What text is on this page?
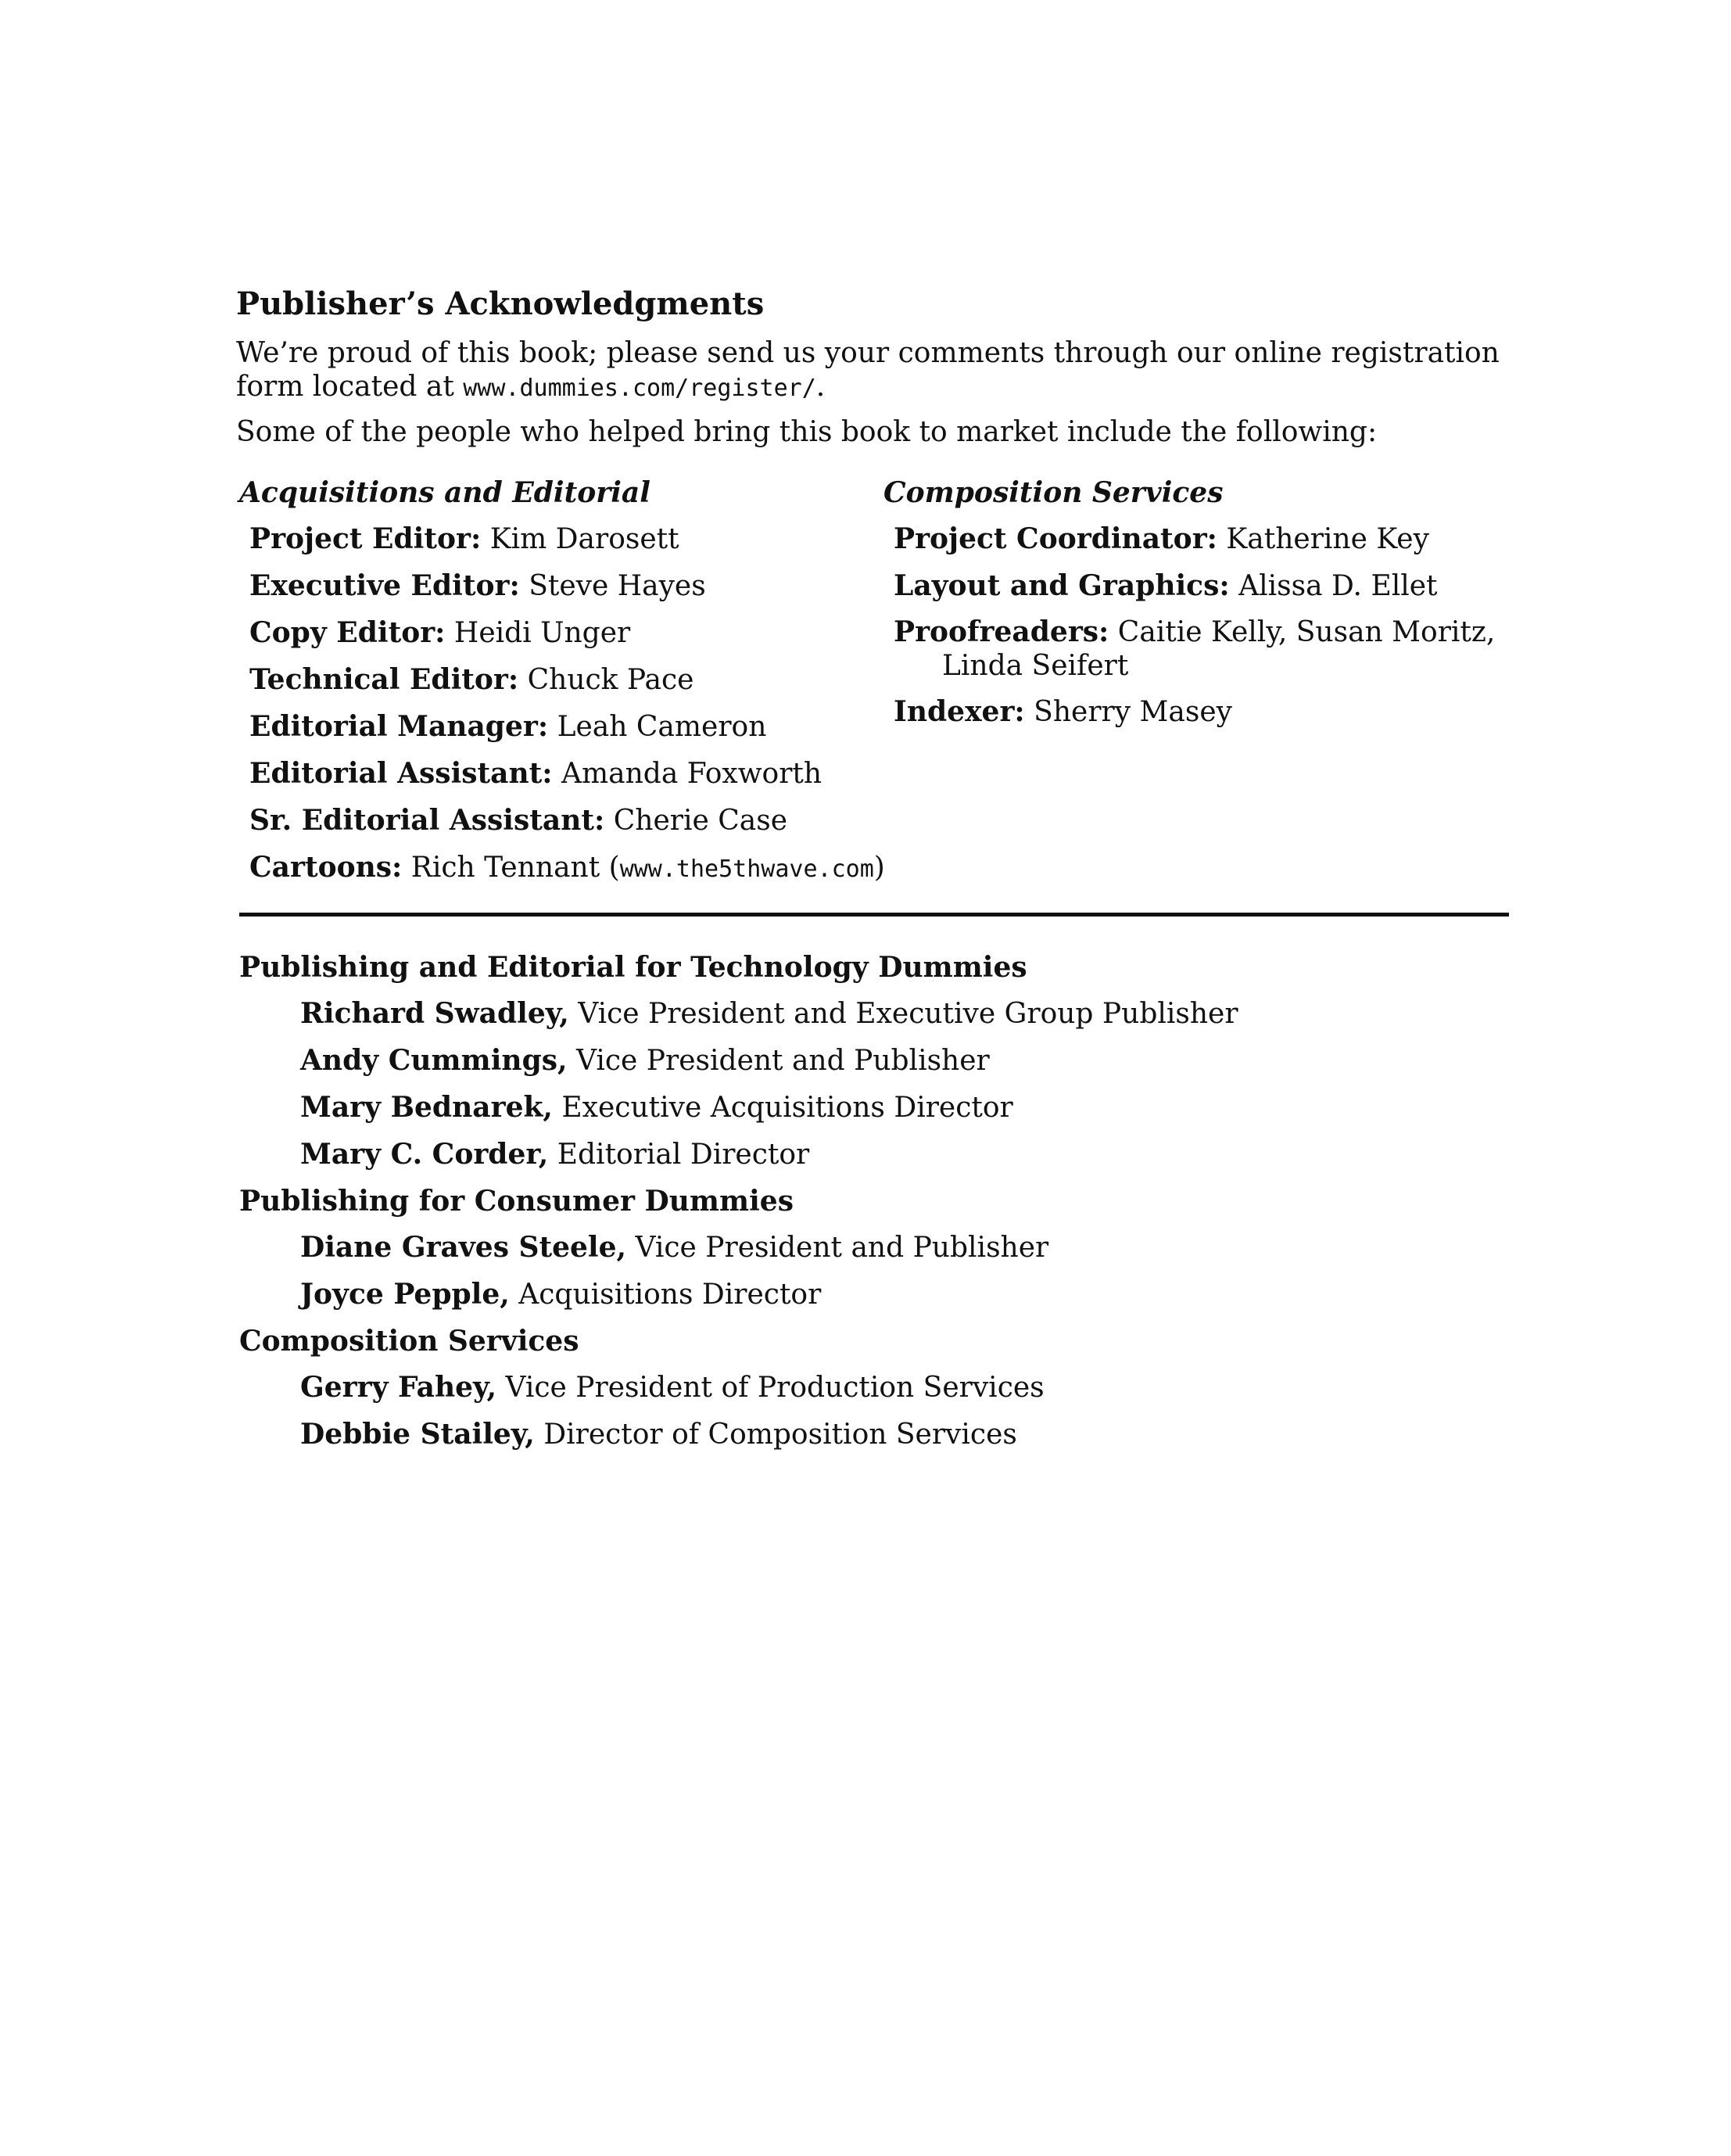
Publisher’s Acknowledgments

We’re proud of this book; please send us your comments through our online registration form located at www.dummies.com/register/.

Some of the people who helped bring this book to market include the following:

Acquisitions and Editorial

Project Editor: Kim Darosett

Executive Editor: Steve Hayes

Copy Editor: Heidi Unger

Technical Editor: Chuck Pace

Editorial Manager: Leah Cameron

Editorial Assistant: Amanda Foxworth

Sr. Editorial Assistant: Cherie Case

Cartoons: Rich Tennant (www.the5thwave.com)

Composition Services

Project Coordinator: Katherine Key

Layout and Graphics: Alissa D. Ellet

Proofreaders: Caitie Kelly, Susan Moritz, Linda Seifert

Indexer: Sherry Masey

Publishing and Editorial for Technology Dummies

Richard Swadley, Vice President and Executive Group Publisher

Andy Cummings, Vice President and Publisher

Mary Bednarek, Executive Acquisitions Director

Mary C. Corder, Editorial Director

Publishing for Consumer Dummies

Diane Graves Steele, Vice President and Publisher

Joyce Pepple, Acquisitions Director

Composition Services

Gerry Fahey, Vice President of Production Services

Debbie Stailey, Director of Composition Services
